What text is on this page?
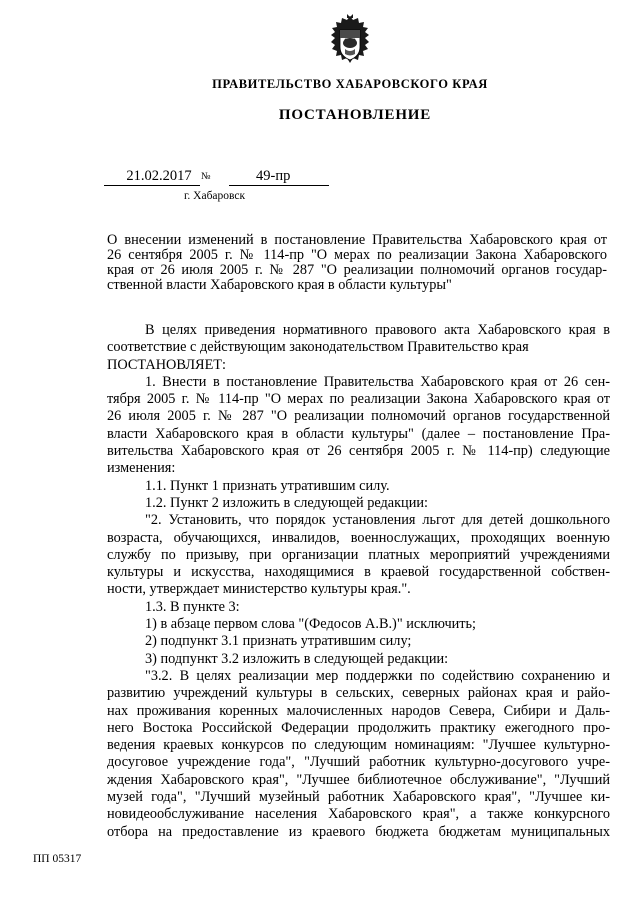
ПРАВИТЕЛЬСТВО ХАБАРОВСКОГО КРАЯ
ПОСТАНОВЛЕНИЕ
21.02.2017 №	49-пр
г. Хабаровск
О внесении изменений в постановление Правительства Хабаровского края от
26 сентября 2005 г. № 114-пр "О мерах по реализации Закона Хабаровского
края от 26 июля 2005 г. № 287 "О реализации полномочий органов государ-
ственной власти Хабаровского края в области культуры"
В целях приведения нормативного правового акта Хабаровского края в
соответствие с действующим законодательством Правительство края
ПОСТАНОВЛЯЕТ:
1. Внести в постановление Правительства Хабаровского края от 26 сен-
тября 2005 г. № 114-пр "О мерах по реализации Закона Хабаровского края от
26 июля 2005 г. № 287 "О реализации полномочий органов государственной
власти Хабаровского края в области культуры" (далее – постановление Пра-
вительства Хабаровского края от 26 сентября 2005 г. № 114-пр) следующие
изменения:
1.1. Пункт 1 признать утратившим силу.
1.2. Пункт 2 изложить в следующей редакции:
"2. Установить, что порядок установления льгот для детей дошкольного
возраста, обучающихся, инвалидов, военнослужащих, проходящих военную
службу по призыву, при организации платных мероприятий учреждениями
культуры и искусства, находящимися в краевой государственной собствен-
ности, утверждает министерство культуры края.".
1.3. В пункте 3:
1) в абзаце первом слова "(Федосов А.В.)" исключить;
2) подпункт 3.1 признать утратившим силу;
3) подпункт 3.2 изложить в следующей редакции:
"3.2. В целях реализации мер поддержки по содействию сохранению и
развитию учреждений культуры в сельских, северных районах края и райо-
нах проживания коренных малочисленных народов Севера, Сибири и Даль-
него Востока Российской Федерации продолжить практику ежегодного про-
ведения краевых конкурсов по следующим номинациям: "Лучшее культурно-
досуговое учреждение года", "Лучший работник культурно-досугового учре-
ждения Хабаровского края", "Лучшее библиотечное обслуживание", "Лучший
музей года", "Лучший музейный работник Хабаровского края", "Лучшее ки-
новидеообслуживание населения Хабаровского края", а также конкурсного
отбора на предоставление из краевого бюджета бюджетам муниципальных
ПП 05317
